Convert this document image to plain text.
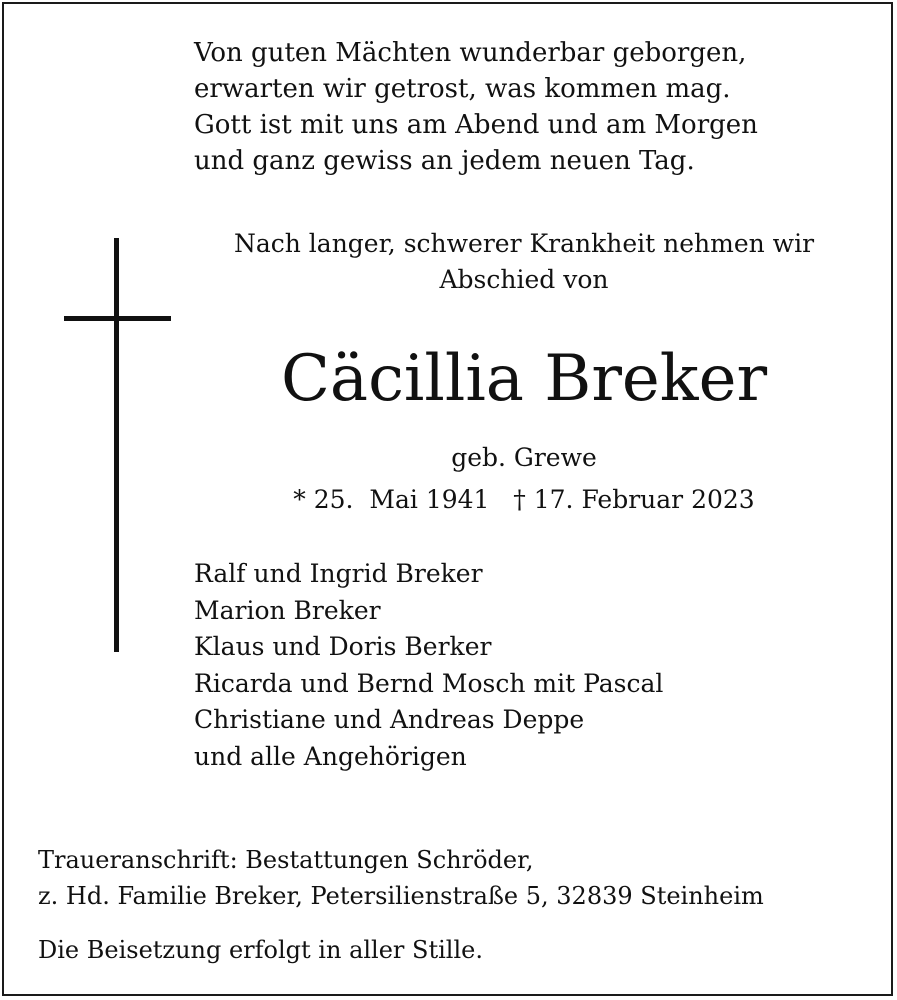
Von guten Mächten wunderbar geborgen,
erwarten wir getrost, was kommen mag.
Gott ist mit uns am Abend und am Morgen
und ganz gewiss an jedem neuen Tag.
Nach langer, schwerer Krankheit nehmen wir
Abschied von
Cäcillia Breker
geb. Grewe
* 25.  Mai 1941   † 17. Februar 2023
Ralf und Ingrid Breker
Marion Breker
Klaus und Doris Berker
Ricarda und Bernd Mosch mit Pascal
Christiane und Andreas Deppe
und alle Angehörigen
Traueranschrift: Bestattungen Schröder,
z. Hd. Familie Breker, Petersilienstraße 5, 32839 Steinheim
Die Beisetzung erfolgt in aller Stille.
